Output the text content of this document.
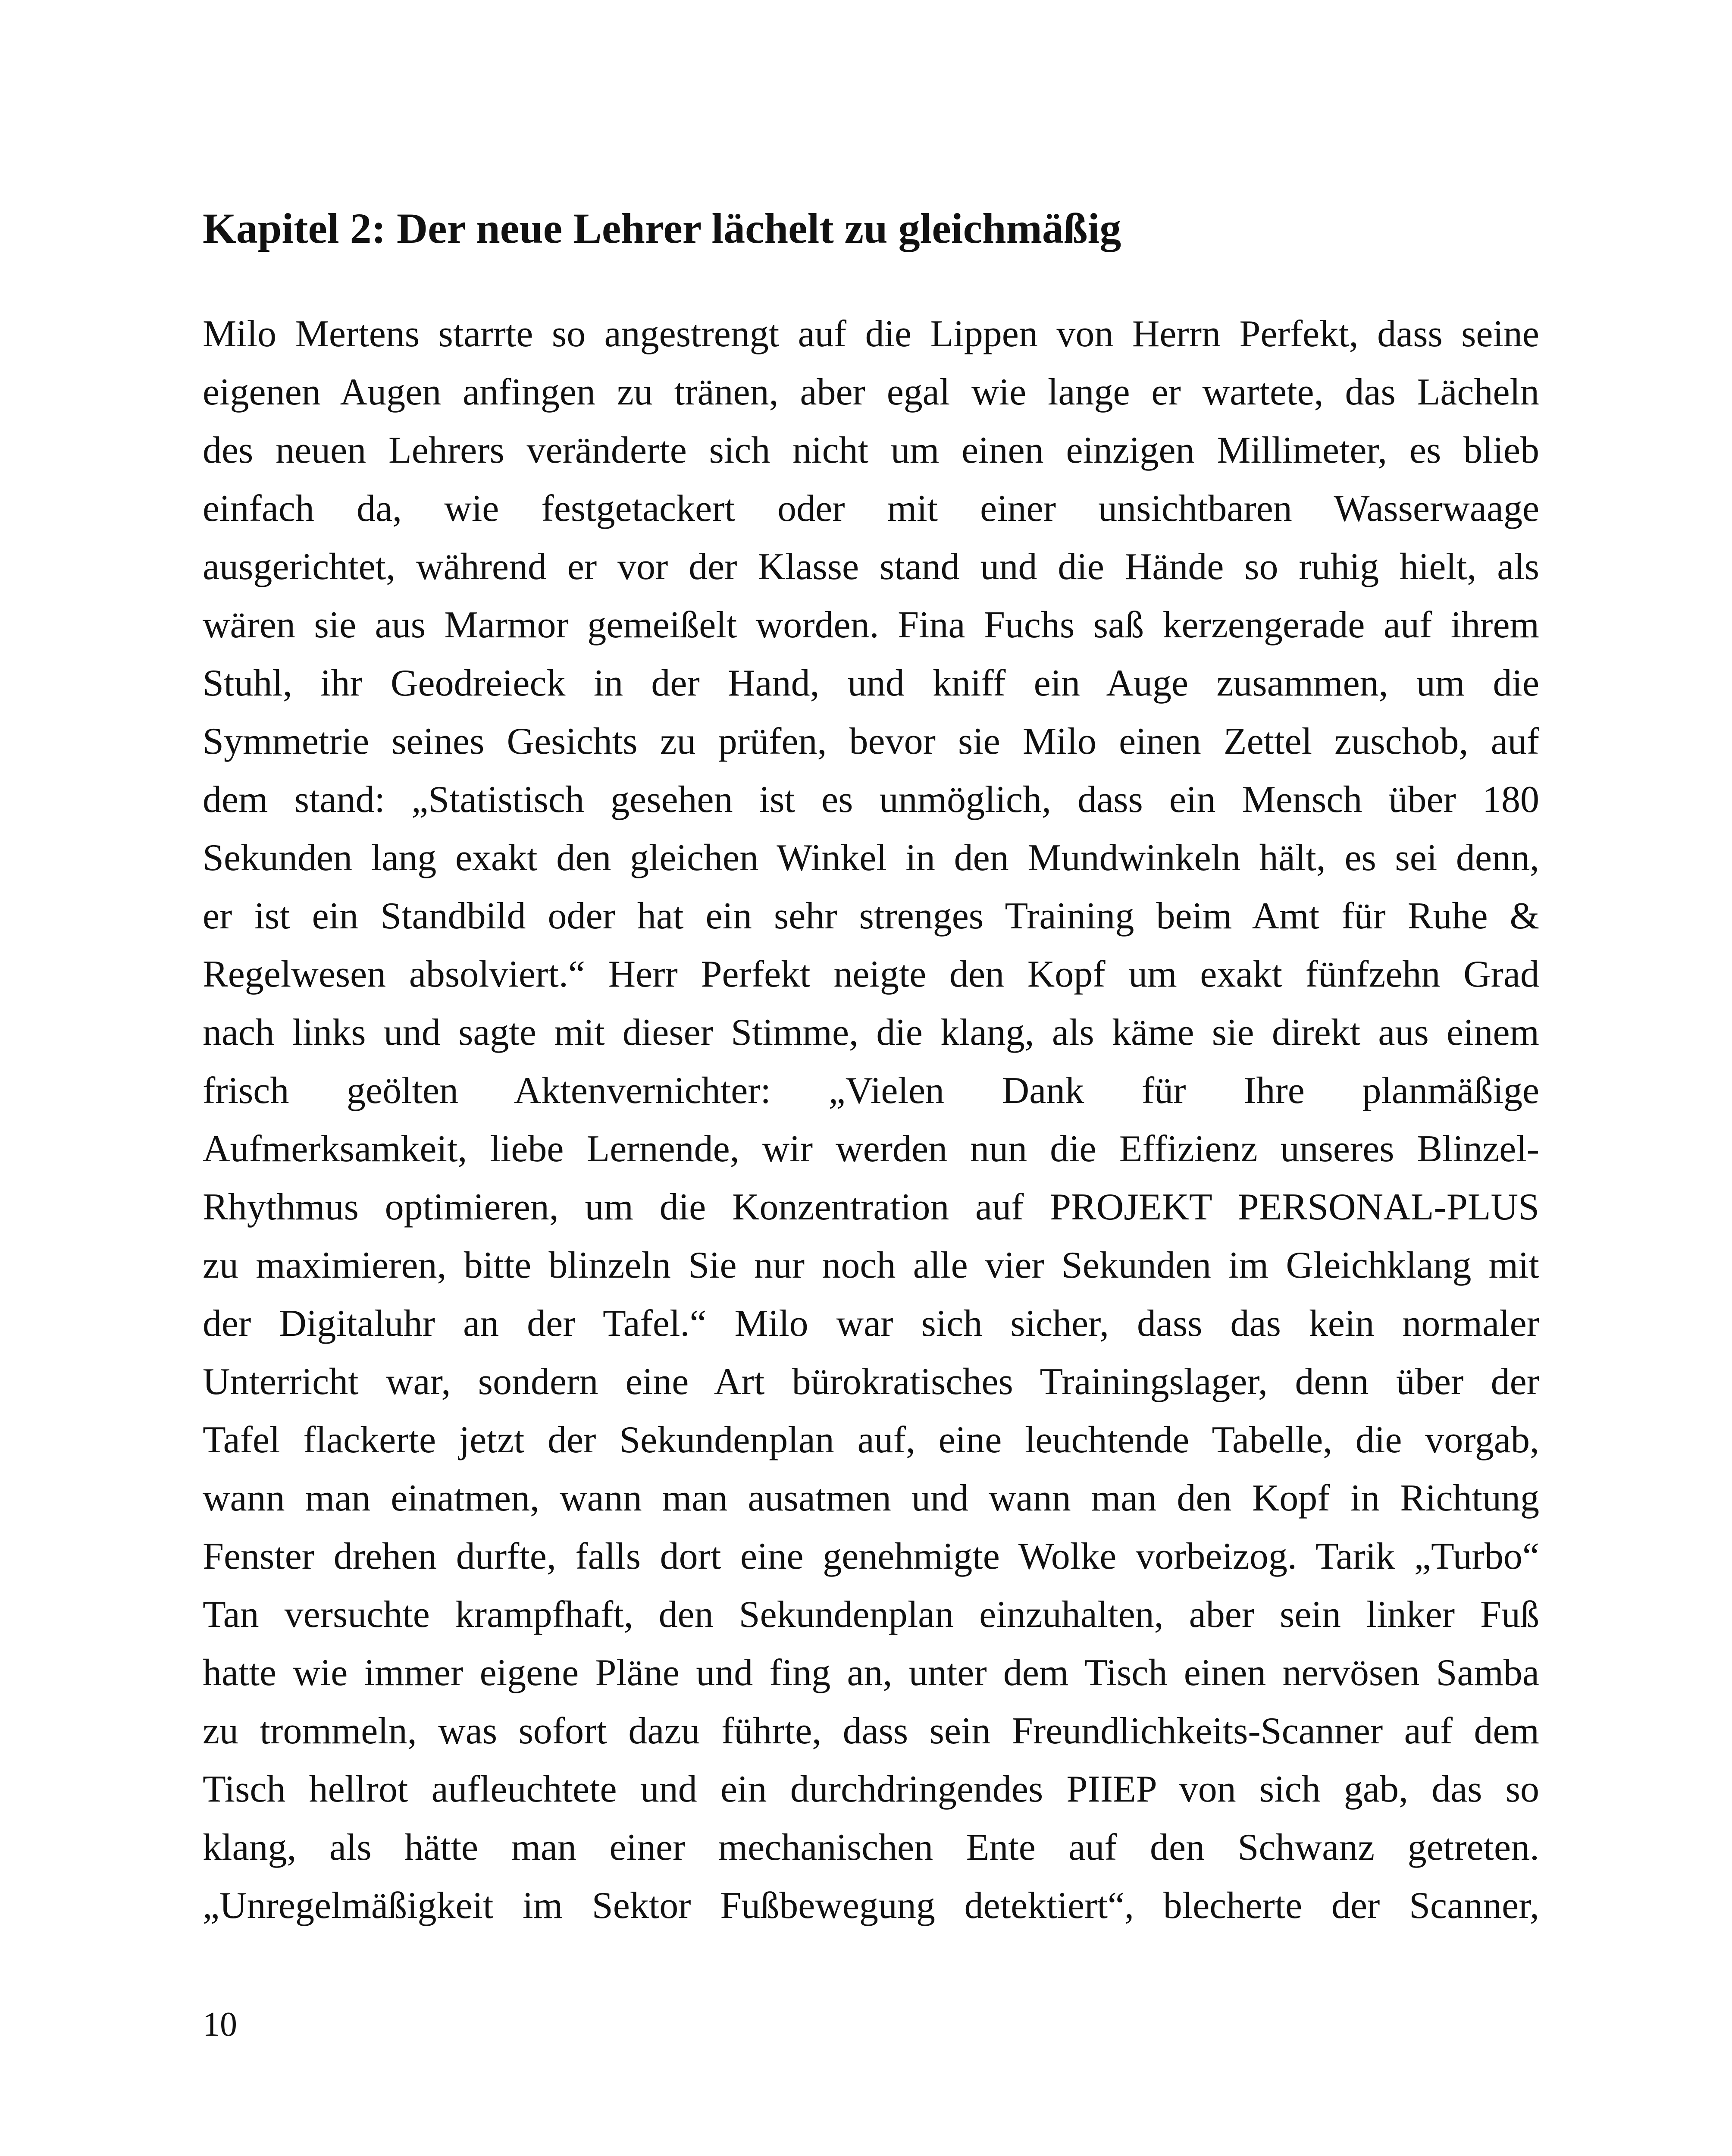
Kapitel 2: Der neue Lehrer lächelt zu gleichmäßig
Milo Mertens starrte so angestrengt auf die Lippen von Herrn Perfekt, dass seine
eigenen Augen anfingen zu tränen, aber egal wie lange er wartete, das Lächeln
des neuen Lehrers veränderte sich nicht um einen einzigen Millimeter, es blieb
einfach da, wie festgetackert oder mit einer unsichtbaren Wasserwaage
ausgerichtet, während er vor der Klasse stand und die Hände so ruhig hielt, als
wären sie aus Marmor gemeißelt worden. Fina Fuchs saß kerzengerade auf ihrem
Stuhl, ihr Geodreieck in der Hand, und kniff ein Auge zusammen, um die
Symmetrie seines Gesichts zu prüfen, bevor sie Milo einen Zettel zuschob, auf
dem stand: „Statistisch gesehen ist es unmöglich, dass ein Mensch über 180
Sekunden lang exakt den gleichen Winkel in den Mundwinkeln hält, es sei denn,
er ist ein Standbild oder hat ein sehr strenges Training beim Amt für Ruhe &
Regelwesen absolviert.“ Herr Perfekt neigte den Kopf um exakt fünfzehn Grad
nach links und sagte mit dieser Stimme, die klang, als käme sie direkt aus einem
frisch geölten Aktenvernichter: „Vielen Dank für Ihre planmäßige
Aufmerksamkeit, liebe Lernende, wir werden nun die Effizienz unseres Blinzel-
Rhythmus optimieren, um die Konzentration auf PROJEKT PERSONAL-PLUS
zu maximieren, bitte blinzeln Sie nur noch alle vier Sekunden im Gleichklang mit
der Digitaluhr an der Tafel.“ Milo war sich sicher, dass das kein normaler
Unterricht war, sondern eine Art bürokratisches Trainingslager, denn über der
Tafel flackerte jetzt der Sekundenplan auf, eine leuchtende Tabelle, die vorgab,
wann man einatmen, wann man ausatmen und wann man den Kopf in Richtung
Fenster drehen durfte, falls dort eine genehmigte Wolke vorbeizog. Tarik „Turbo“
Tan versuchte krampfhaft, den Sekundenplan einzuhalten, aber sein linker Fuß
hatte wie immer eigene Pläne und fing an, unter dem Tisch einen nervösen Samba
zu trommeln, was sofort dazu führte, dass sein Freundlichkeits-Scanner auf dem
Tisch hellrot aufleuchtete und ein durchdringendes PIIEP von sich gab, das so
klang, als hätte man einer mechanischen Ente auf den Schwanz getreten.
„Unregelmäßigkeit im Sektor Fußbewegung detektiert“, blecherte der Scanner,

10
